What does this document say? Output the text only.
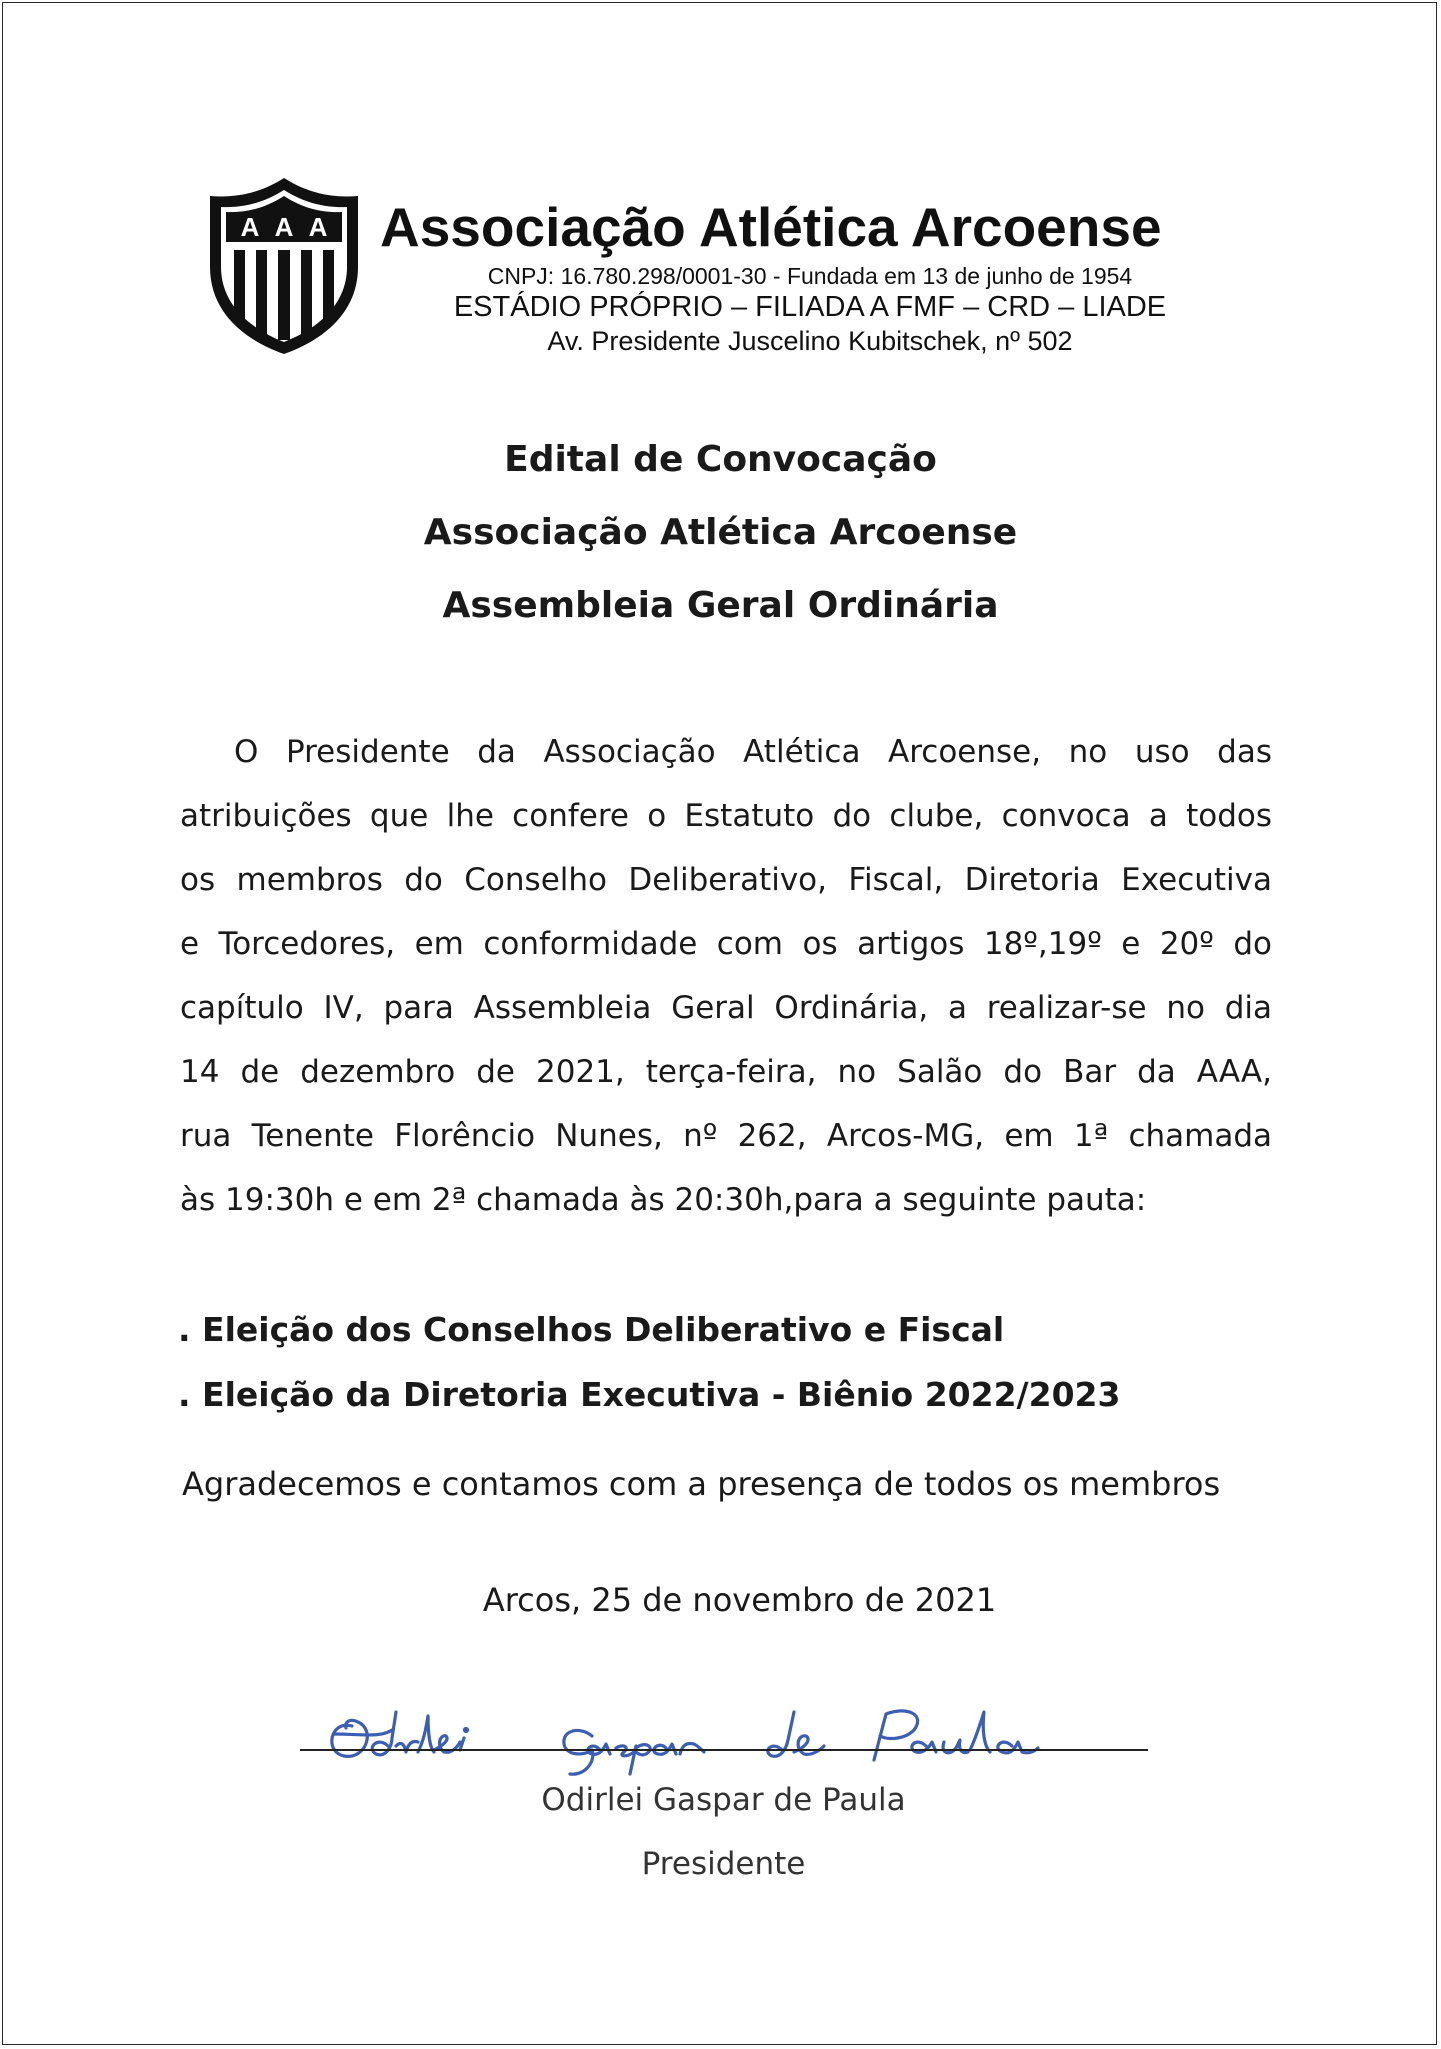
A A A Associação Atlética Arcoense
CNPJ: 16.780.298/0001-30 - Fundada em 13 de junho de 1954
ESTÁDIO PRÓPRIO – FILIADA A FMF – CRD – LIADE
Av. Presidente Juscelino Kubitschek, nº 502
Edital de Convocação
Associação Atlética Arcoense
Assembleia Geral Ordinária
O Presidente da Associação Atlética Arcoense, no uso das
atribuições que lhe confere o Estatuto do clube, convoca a todos
os membros do Conselho Deliberativo, Fiscal, Diretoria Executiva
e Torcedores, em conformidade com os artigos 18º,19º e 20º do
capítulo IV, para Assembleia Geral Ordinária, a realizar-se no dia
14 de dezembro de 2021, terça-feira, no Salão do Bar da AAA,
rua Tenente Florêncio Nunes, nº 262, Arcos-MG, em 1ª chamada
às 19:30h e em 2ª chamada às 20:30h,para a seguinte pauta:
. Eleição dos Conselhos Deliberativo e Fiscal
. Eleição da Diretoria Executiva - Biênio 2022/2023
Agradecemos e contamos com a presença de todos os membros
Arcos, 25 de novembro de 2021
Odirlei Gaspar de Paula
Presidente
